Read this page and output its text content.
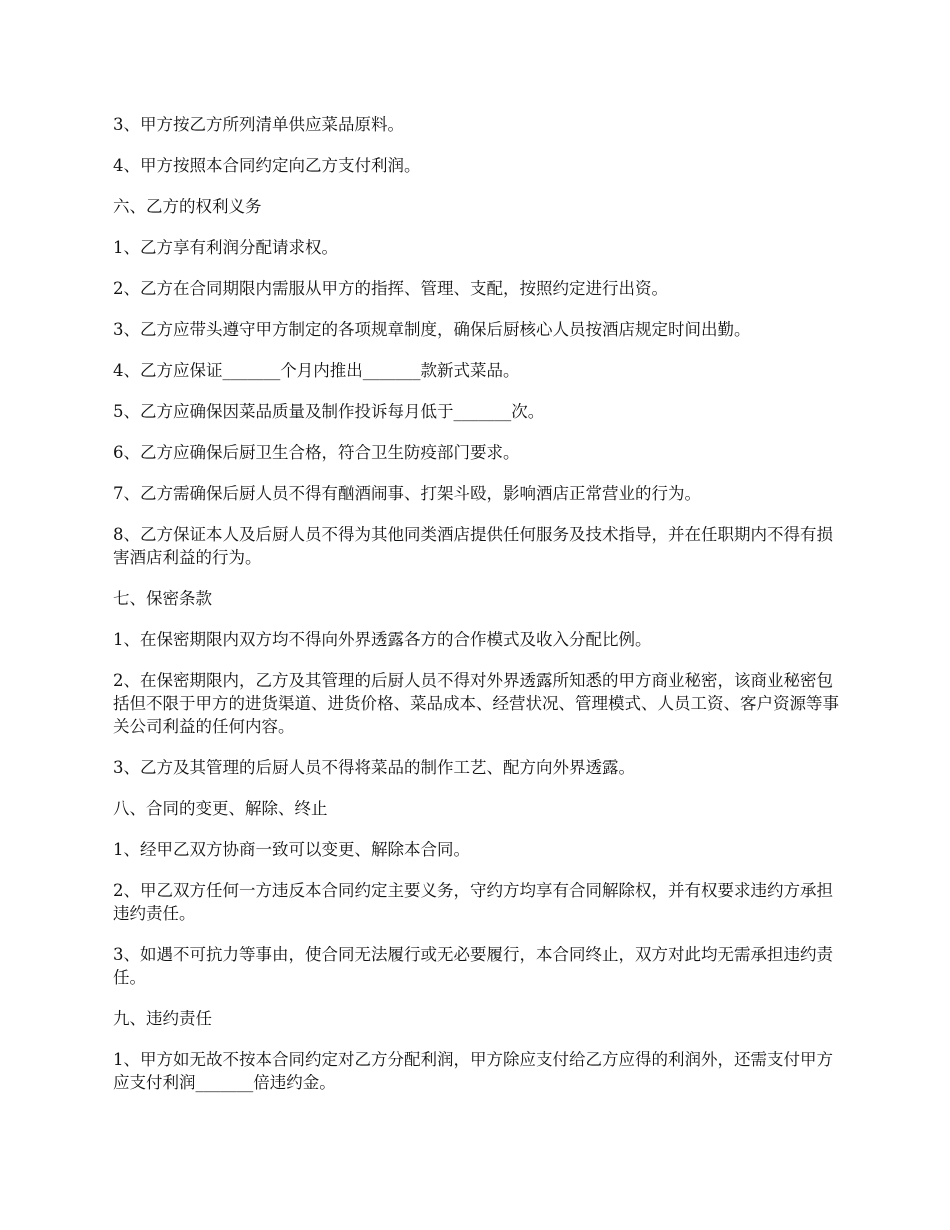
3、甲方按乙方所列清单供应菜品原料。

4、甲方按照本合同约定向乙方支付利润。

六、乙方的权利义务

1、乙方享有利润分配请求权。

2、乙方在合同期限内需服从甲方的指挥、管理、支配，按照约定进行出资。

3、乙方应带头遵守甲方制定的各项规章制度，确保后厨核心人员按酒店规定时间出勤。

4、乙方应保证_______个月内推出_______款新式菜品。

5、乙方应确保因菜品质量及制作投诉每月低于_______次。

6、乙方应确保后厨卫生合格，符合卫生防疫部门要求。

7、乙方需确保后厨人员不得有酗酒闹事、打架斗殴，影响酒店正常营业的行为。

8、乙方保证本人及后厨人员不得为其他同类酒店提供任何服务及技术指导，并在任职期内不得有损害酒店利益的行为。

七、保密条款

1、在保密期限内双方均不得向外界透露各方的合作模式及收入分配比例。

2、在保密期限内，乙方及其管理的后厨人员不得对外界透露所知悉的甲方商业秘密，该商业秘密包括但不限于甲方的进货渠道、进货价格、菜品成本、经营状况、管理模式、人员工资、客户资源等事关公司利益的任何内容。

3、乙方及其管理的后厨人员不得将菜品的制作工艺、配方向外界透露。

八、合同的变更、解除、终止

1、经甲乙双方协商一致可以变更、解除本合同。

2、甲乙双方任何一方违反本合同约定主要义务，守约方均享有合同解除权，并有权要求违约方承担违约责任。

3、如遇不可抗力等事由，使合同无法履行或无必要履行，本合同终止，双方对此均无需承担违约责任。

九、违约责任

1、甲方如无故不按本合同约定对乙方分配利润，甲方除应支付给乙方应得的利润外，还需支付甲方应支付利润_______倍违约金。
